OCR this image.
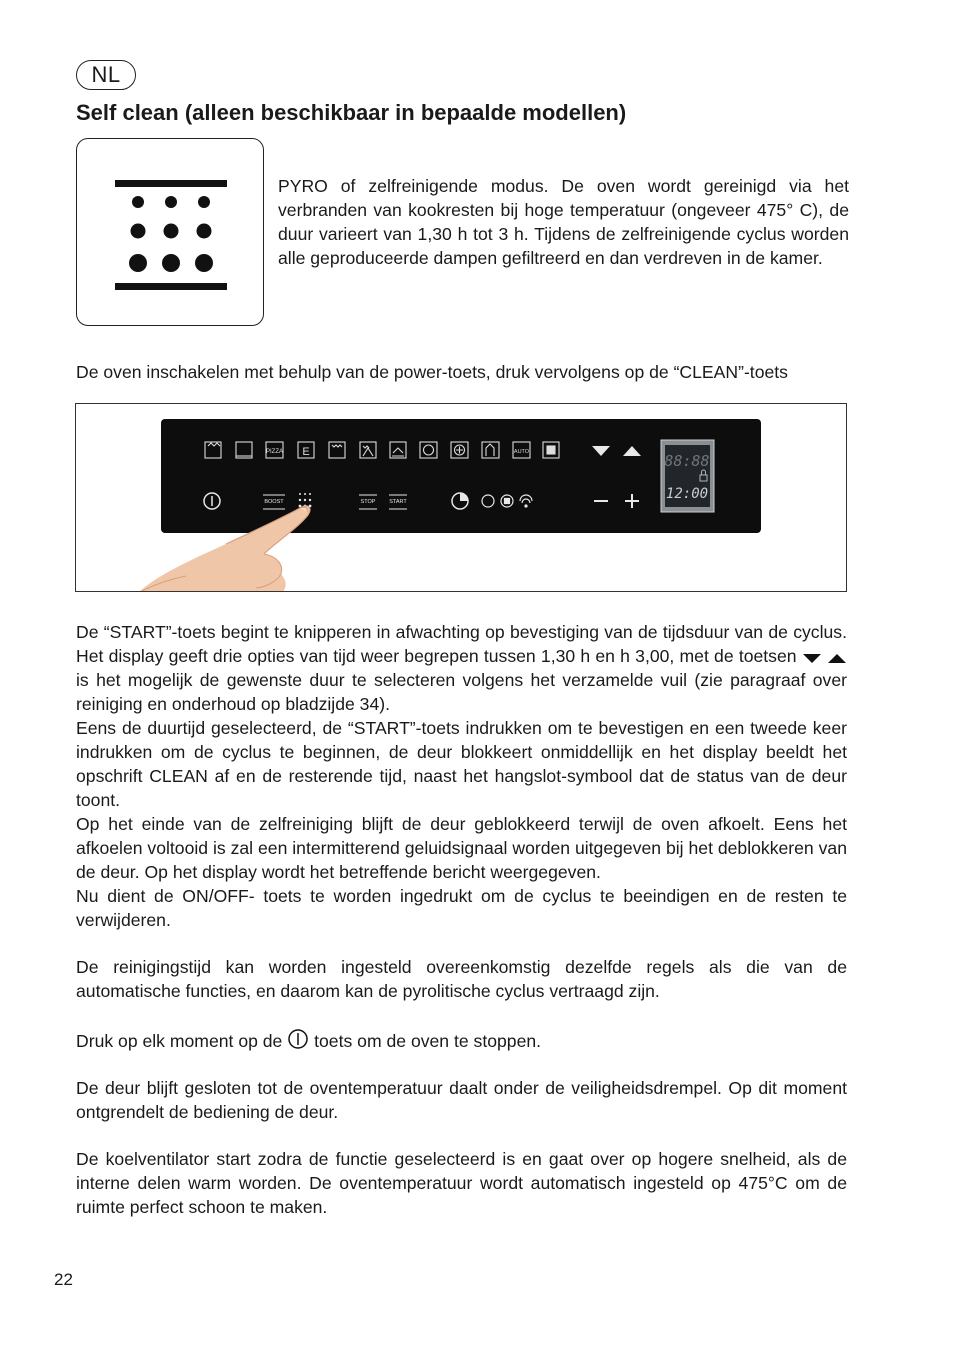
NL
Self clean (alleen beschikbaar in bepaalde modellen)

PYRO of zelfreinigende modus. De oven wordt gereinigd via het verbranden van kookresten bij hoge temperatuur (ongeveer 475° C), de duur varieert van 1,30 h tot 3 h. Tijdens de zelfreinigende cyclus worden alle geproduceerde dampen gefiltreerd en dan verdreven in de kamer.

De oven inschakelen met behulp van de power-toets, druk vervolgens op de “CLEAN”-toets

PIZZA E	AUTO	88:88
12:00
BOOST	STOP	START

De “START”-toets begint te knipperen in afwachting op bevestiging van de tijdsduur van de cyclus. Het display geeft drie opties van tijd weer begrepen tussen 1,30 h en h 3,00, met de toetsen   is het mogelijk de gewenste duur te selecteren volgens het verzamelde vuil (zie paragraaf over reiniging en onderhoud op bladzijde 34).

Eens de duurtijd geselecteerd, de “START”-toets indrukken om te bevestigen en een tweede keer indrukken om de cyclus te beginnen, de deur blokkeert onmiddellijk en het display beeldt het opschrift CLEAN af en de resterende tijd, naast het hangslot-symbool dat de status van de deur toont.

Op het einde van de zelfreiniging blijft de deur geblokkeerd terwijl de oven afkoelt. Eens het afkoelen voltooid is zal een intermitterend geluidsignaal worden uitgegeven bij het deblokkeren van de deur. Op het display wordt het betreffende bericht weergegeven.

Nu dient de ON/OFF- toets te worden ingedrukt om de cyclus te beeindigen en de resten te verwijderen.

De reinigingstijd kan worden ingesteld overeenkomstig dezelfde regels als die van de automatische functies, en daarom kan de pyrolitische cyclus vertraagd zijn.

Druk op elk moment op de toets om de oven te stoppen.

De deur blijft gesloten tot de oventemperatuur daalt onder de veiligheidsdrempel. Op dit moment ontgrendelt de bediening de deur.

De koelventilator start zodra de functie geselecteerd is en gaat over op hogere snelheid, als de interne delen warm worden. De oventemperatuur wordt automatisch ingesteld op 475°C om de ruimte perfect schoon te maken.

22
